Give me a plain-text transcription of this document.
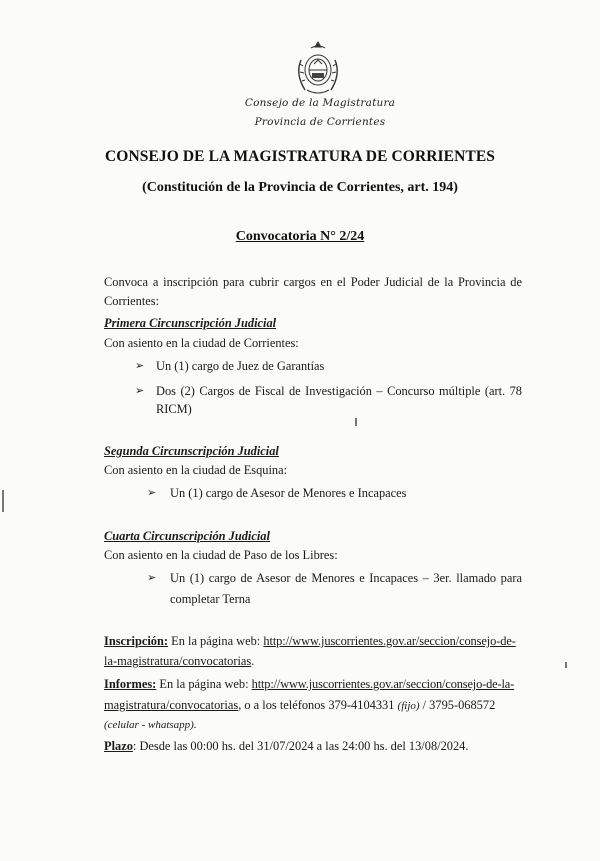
Consejo de la Magistratura
Provincia de Corrientes
CONSEJO DE LA MAGISTRATURA DE CORRIENTES
(Constitución de la Provincia de Corrientes, art. 194)
Convocatoria N° 2/24
Convoca a inscripción para cubrir cargos en el Poder Judicial de la Provincia de
Corrientes:
Primera Circunscripción Judicial
Con asiento en la ciudad de Corrientes:
➢ Un (1) cargo de Juez de Garantías
➢ Dos (2) Cargos de Fiscal de Investigación – Concurso múltiple (art. 78
RICM)
Segunda Circunscripción Judicial
Con asiento en la ciudad de Esquina:
➢ Un (1) cargo de Asesor de Menores e Incapaces
Cuarta Circunscripción Judicial
Con asiento en la ciudad de Paso de los Libres:
➢ Un (1) cargo de Asesor de Menores e Incapaces – 3er. llamado para
completar Terna
Inscripción: En la página web: http://www.juscorrientes.gov.ar/seccion/consejo-de-
la-magistratura/convocatorias.
Informes: En la página web: http://www.juscorrientes.gov.ar/seccion/consejo-de-la-
magistratura/convocatorias, o a los teléfonos 379-4104331 (fijo) / 3795-068572
(celular - whatsapp).
Plazo: Desde las 00:00 hs. del 31/07/2024 a las 24:00 hs. del 13/08/2024.
